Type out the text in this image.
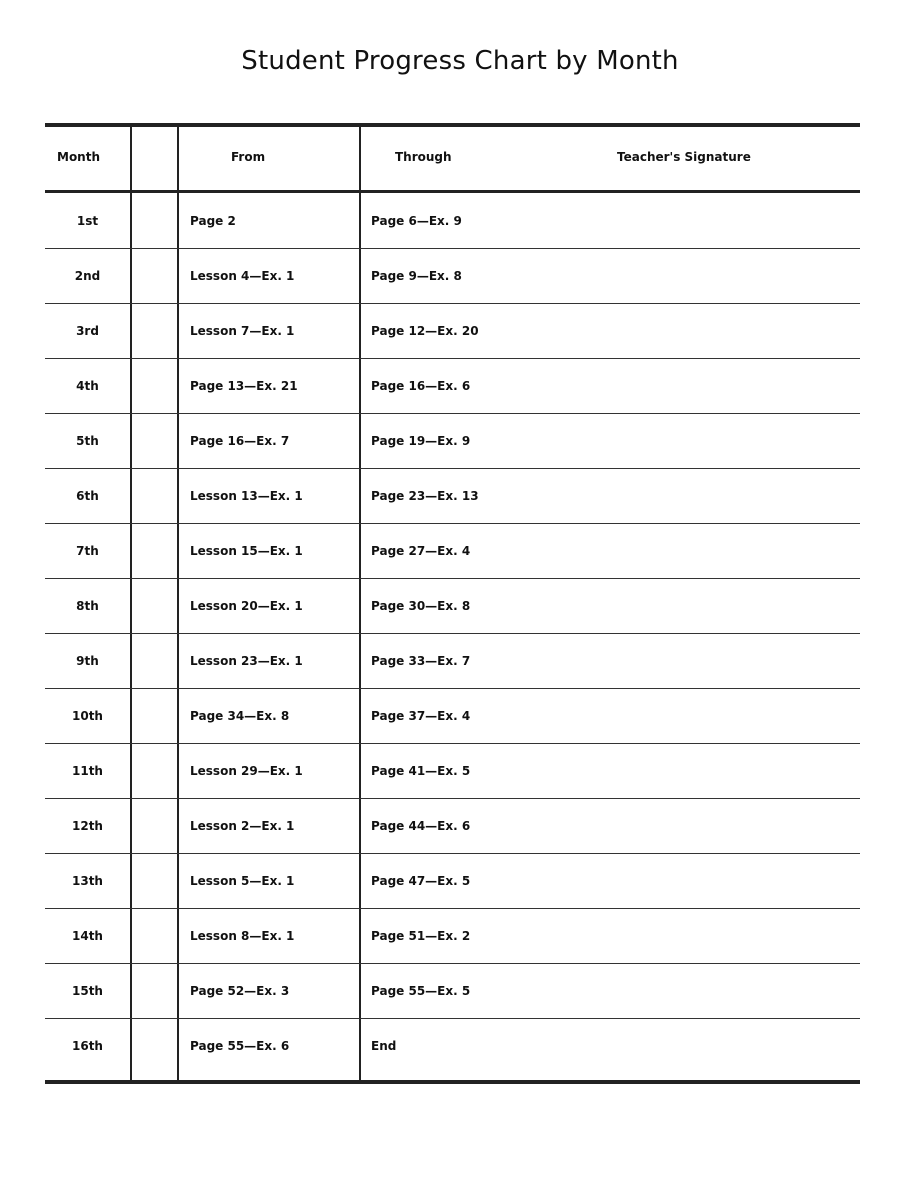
Student Progress Chart by Month
Month	From	Through	Teacher's Signature
1st	Page 2	Page 6—Ex. 9
2nd	Lesson 4—Ex. 1	Page 9—Ex. 8
3rd	Lesson 7—Ex. 1	Page 12—Ex. 20
4th	Page 13—Ex. 21	Page 16—Ex. 6
5th	Page 16—Ex. 7	Page 19—Ex. 9
6th	Lesson 13—Ex. 1	Page 23—Ex. 13
7th	Lesson 15—Ex. 1	Page 27—Ex. 4
8th	Lesson 20—Ex. 1	Page 30—Ex. 8
9th	Lesson 23—Ex. 1	Page 33—Ex. 7
10th	Page 34—Ex. 8	Page 37—Ex. 4
11th	Lesson 29—Ex. 1	Page 41—Ex. 5
12th	Lesson 2—Ex. 1	Page 44—Ex. 6
13th	Lesson 5—Ex. 1	Page 47—Ex. 5
14th	Lesson 8—Ex. 1	Page 51—Ex. 2
15th	Page 52—Ex. 3	Page 55—Ex. 5
16th	Page 55—Ex. 6	End
